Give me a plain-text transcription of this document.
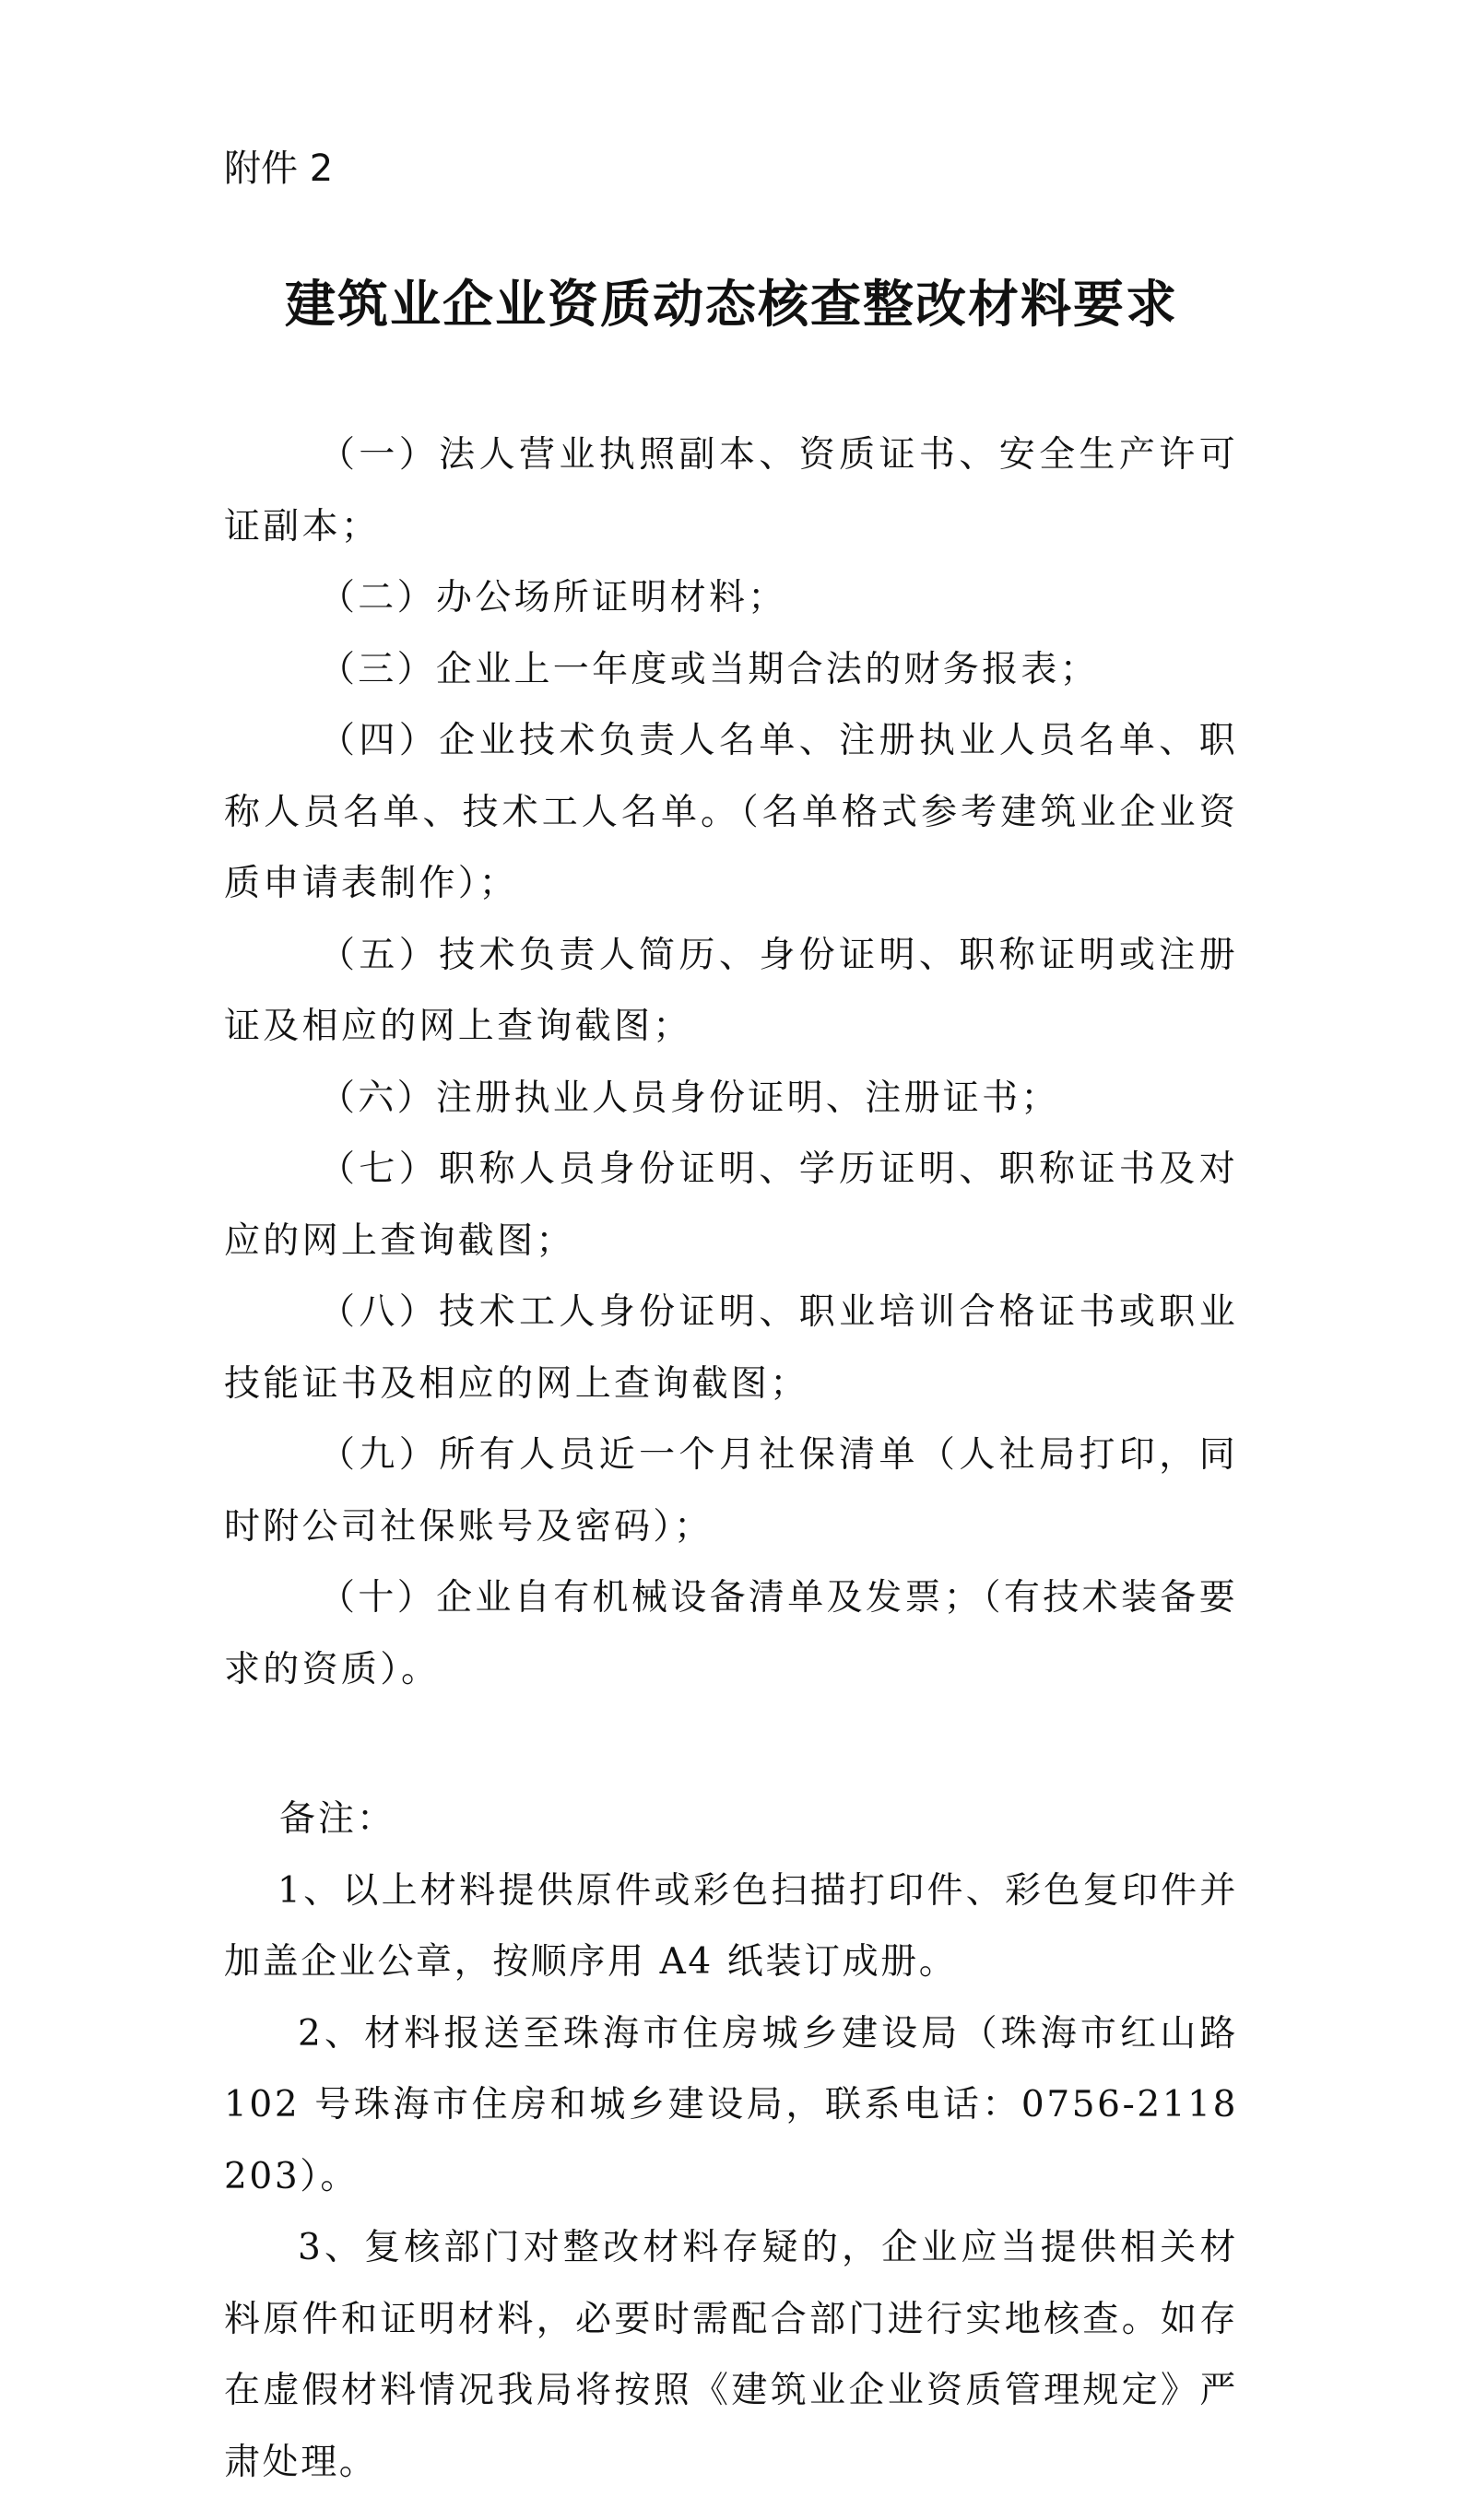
附件 2

建筑业企业资质动态核查整改材料要求

（一）法人营业执照副本、资质证书、安全生产许可证副本；

（二）办公场所证明材料；

（三）企业上一年度或当期合法的财务报表；

（四）企业技术负责人名单、注册执业人员名单、职称人员名单、技术工人名单。（名单格式参考建筑业企业资质申请表制作）；

（五）技术负责人简历、身份证明、职称证明或注册证及相应的网上查询截图；

（六）注册执业人员身份证明、注册证书；

（七）职称人员身份证明、学历证明、职称证书及对应的网上查询截图；

（八）技术工人身份证明、职业培训合格证书或职业技能证书及相应的网上查询截图；

（九）所有人员近一个月社保清单（人社局打印，同时附公司社保账号及密码）；

（十）企业自有机械设备清单及发票；（有技术装备要求的资质）。

备注：

1、以上材料提供原件或彩色扫描打印件、彩色复印件并加盖企业公章，按顺序用 A4 纸装订成册。

2、材料报送至珠海市住房城乡建设局（珠海市红山路 102 号珠海市住房和城乡建设局，联系电话：0756-2118203）。

3、复核部门对整改材料存疑的，企业应当提供相关材料原件和证明材料，必要时需配合部门进行实地核查。如存在虚假材料情况我局将按照《建筑业企业资质管理规定》严肃处理。
